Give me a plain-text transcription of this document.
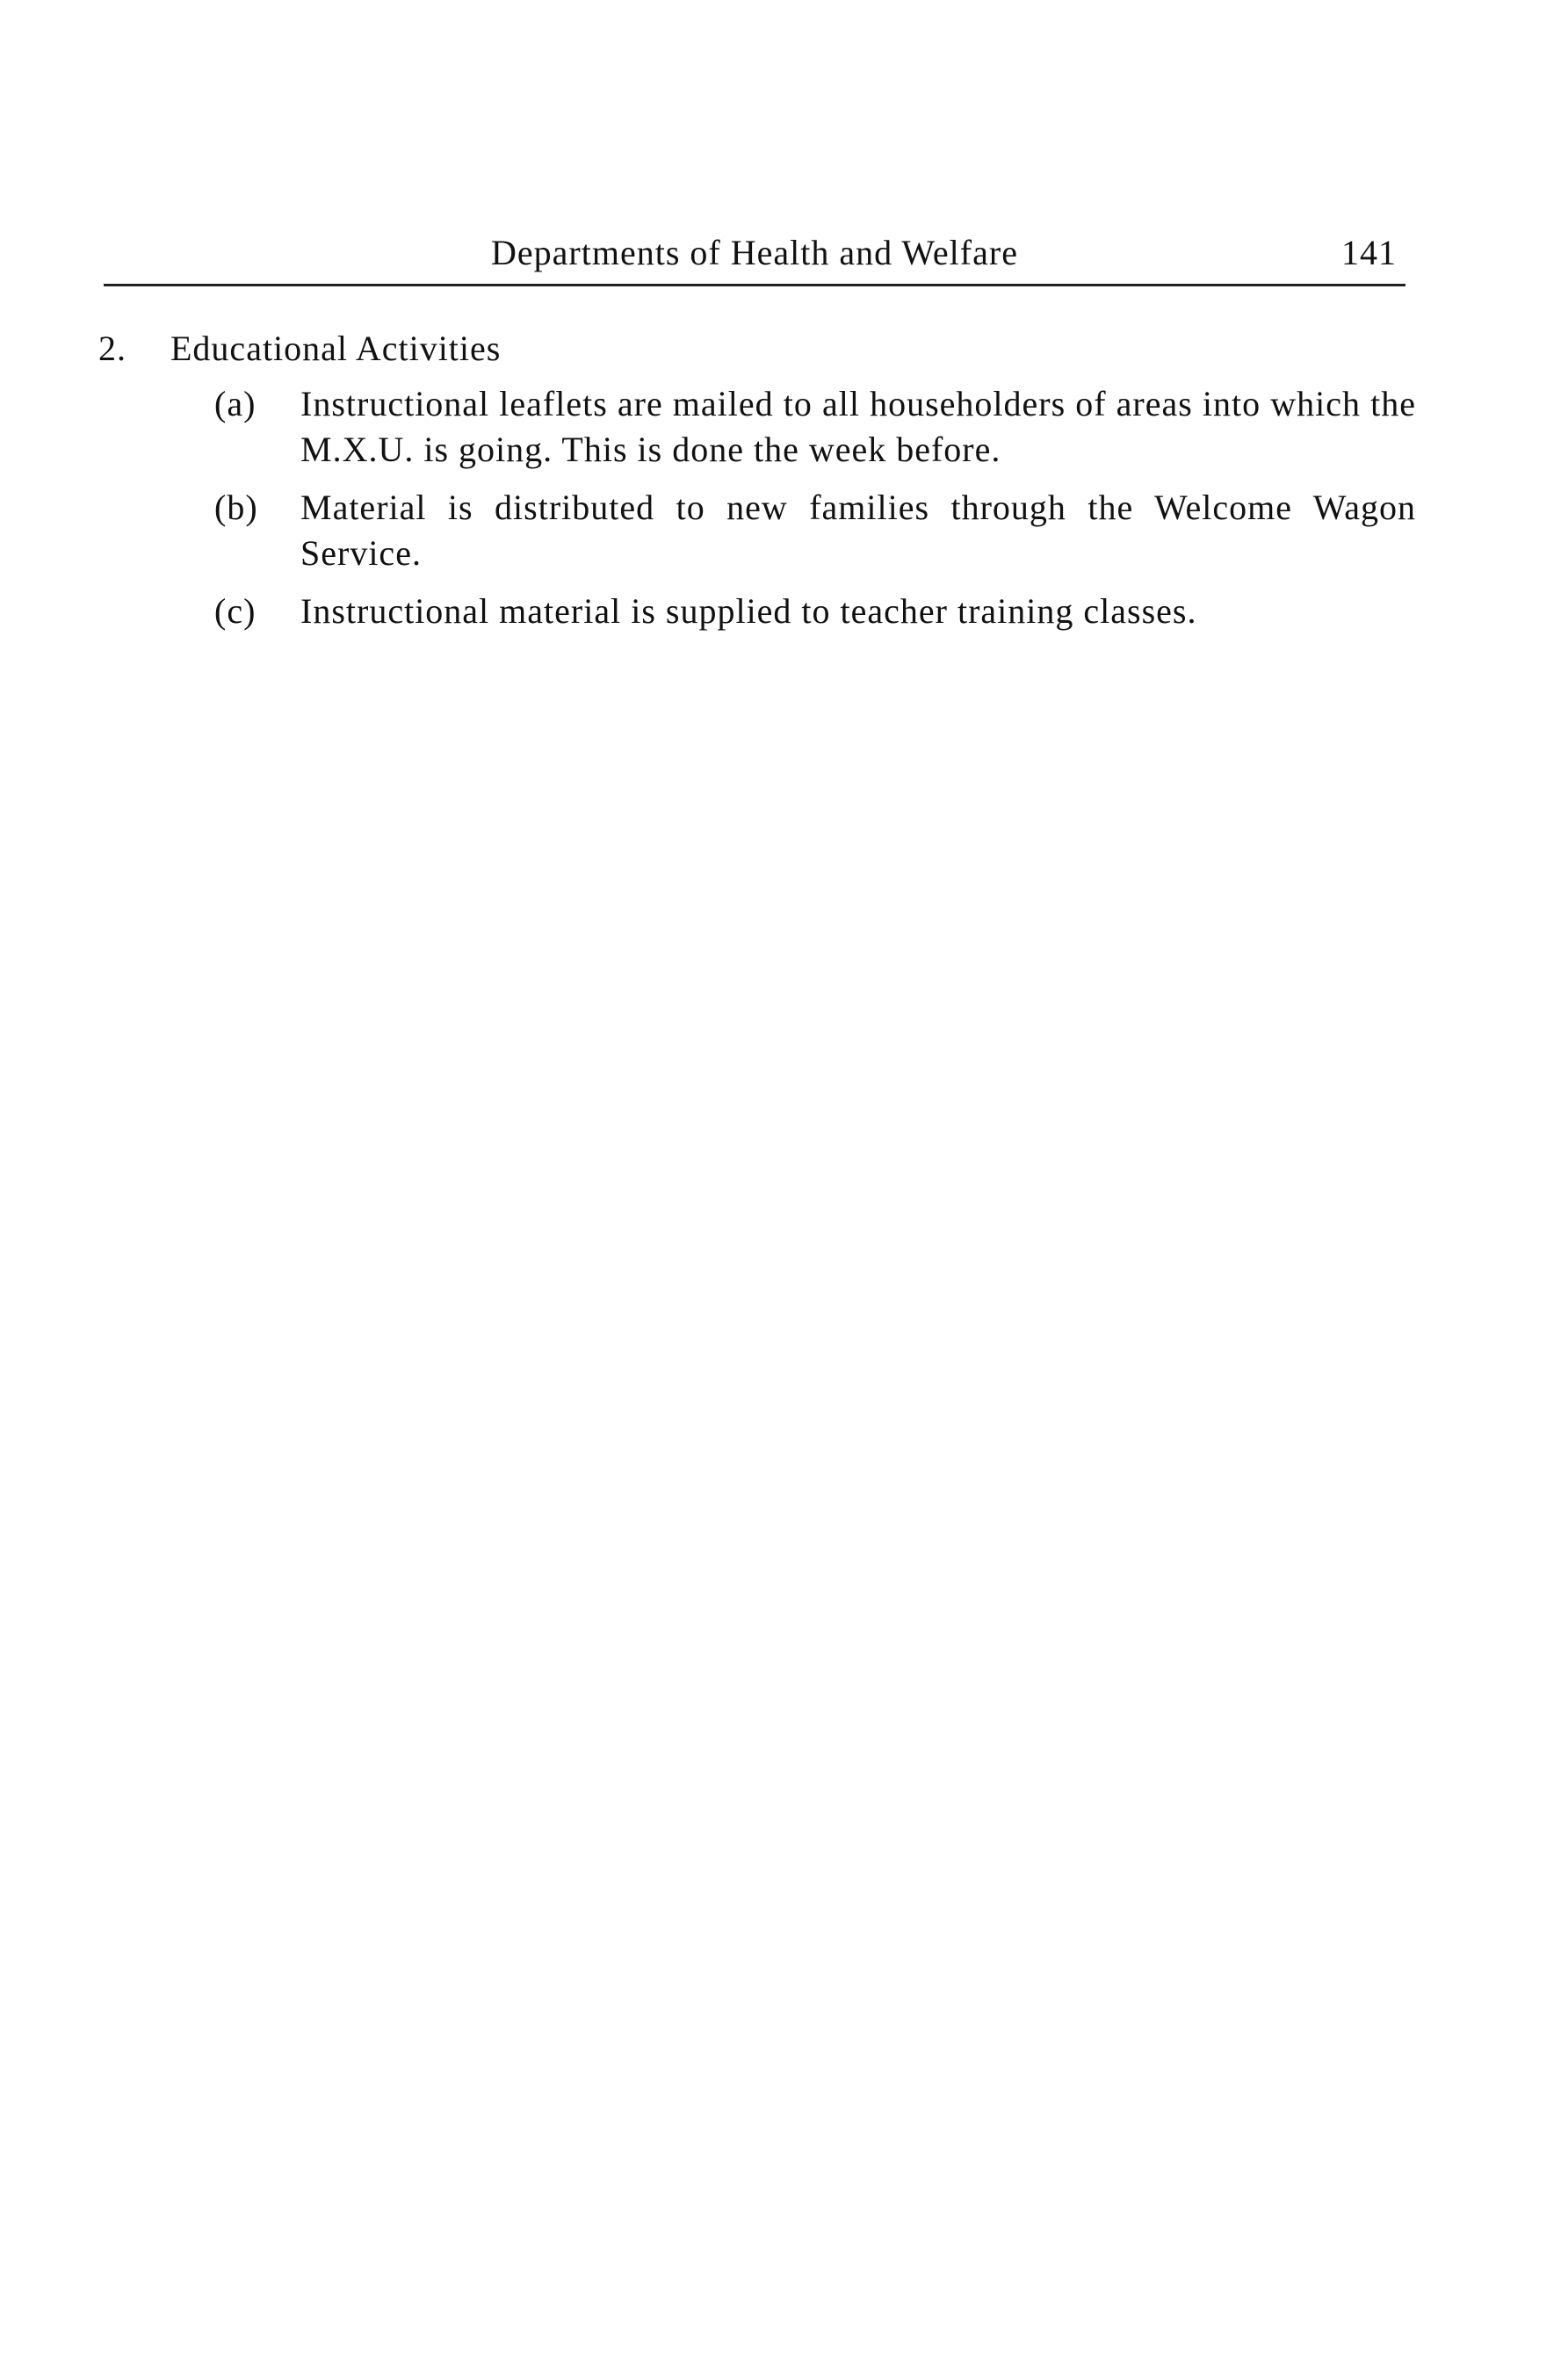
Departments of Health and Welfare	141
2. Educational Activities
(a) Instructional leaflets are mailed to all householders of areas into which the M.X.U. is going. This is done the week before.
(b) Material is distributed to new families through the Welcome Wagon Service.
(c) Instructional material is supplied to teacher training classes.
